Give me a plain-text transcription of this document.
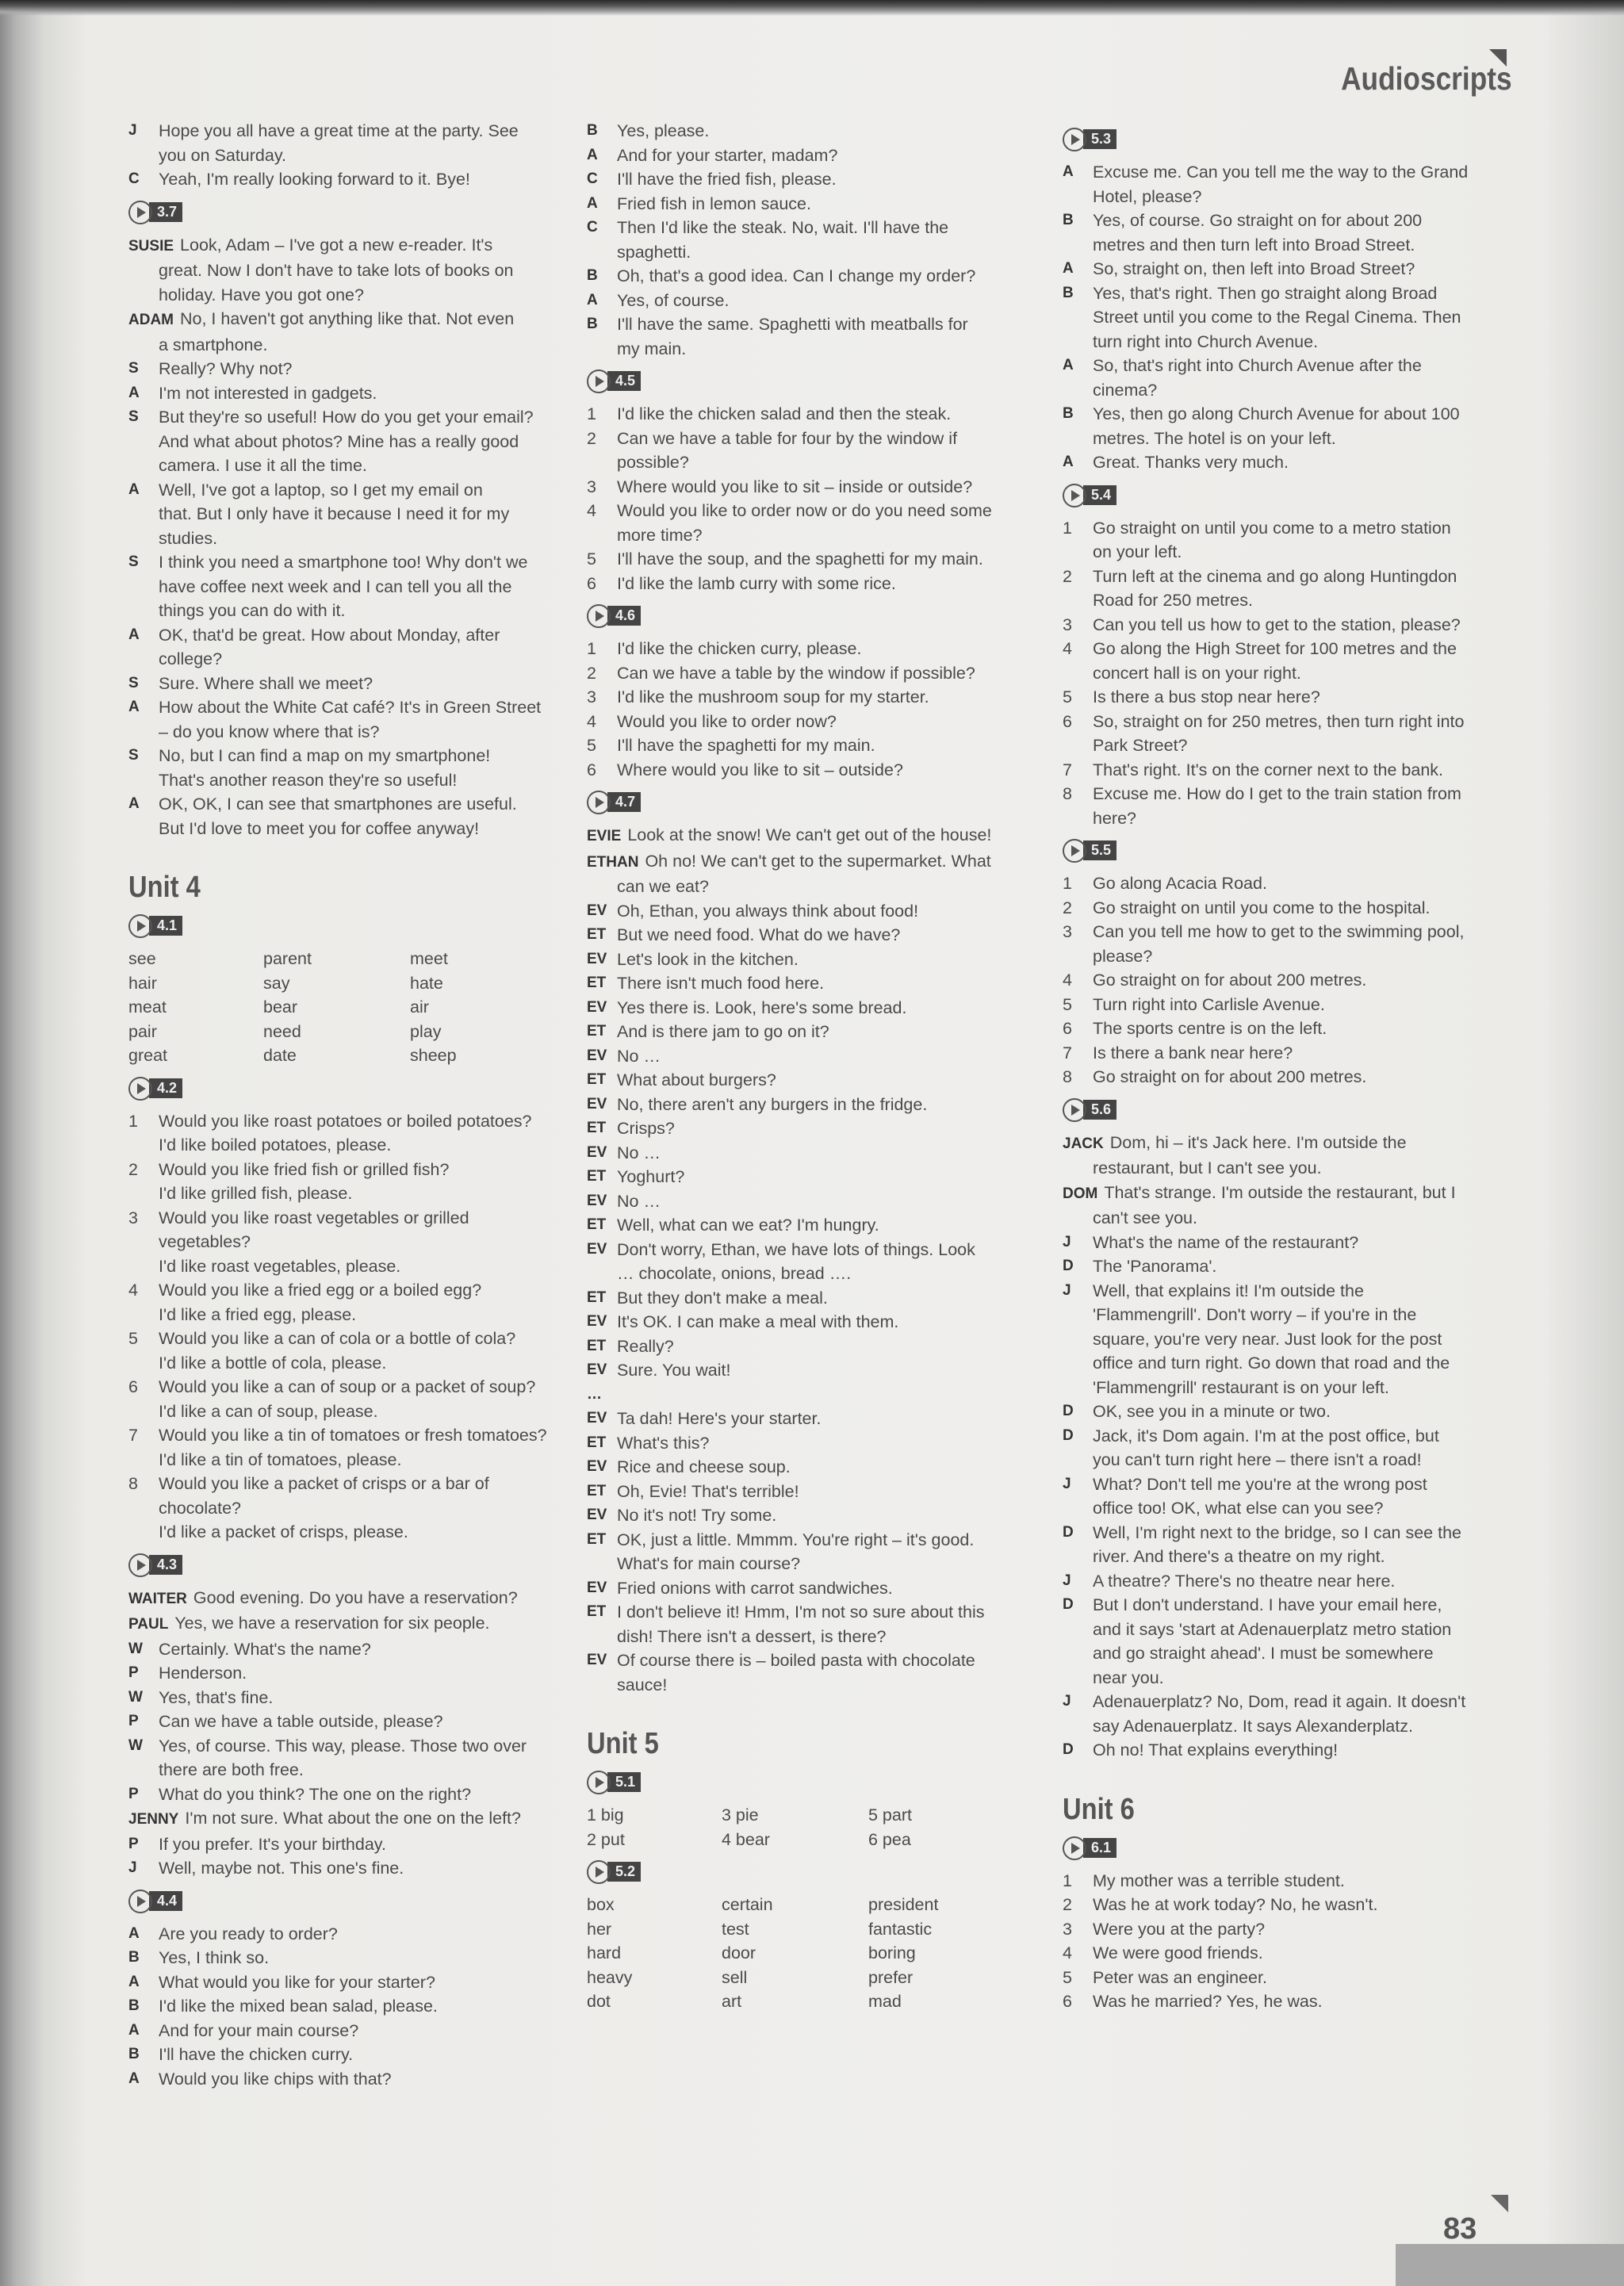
Audioscripts
J Hope you all have a great time at the party. See
you on Saturday.
C Yeah, I'm really looking forward to it. Bye!
3.7
SUSIE Look, Adam – I've got a new e-reader. It's
great. Now I don't have to take lots of books on
holiday. Have you got one?
ADAM No, I haven't got anything like that. Not even
a smartphone.
S Really? Why not?
A I'm not interested in gadgets.
S But they're so useful! How do you get your email?
And what about photos? Mine has a really good
camera. I use it all the time.
A Well, I've got a laptop, so I get my email on
that. But I only have it because I need it for my
studies.
S I think you need a smartphone too! Why don't we
have coffee next week and I can tell you all the
things you can do with it.
A OK, that'd be great. How about Monday, after
college?
S Sure. Where shall we meet?
A How about the White Cat café? It's in Green Street
– do you know where that is?
S No, but I can find a map on my smartphone!
That's another reason they're so useful!
A OK, OK, I can see that smartphones are useful.
But I'd love to meet you for coffee anyway!
Unit 4
4.1
see	parent	meet
hair	say	hate
meat	bear	air
pair	need	play
great	date	sheep
4.2
1 Would you like roast potatoes or boiled potatoes?
I'd like boiled potatoes, please.
2 Would you like fried fish or grilled fish?
I'd like grilled fish, please.
3 Would you like roast vegetables or grilled
vegetables?
I'd like roast vegetables, please.
4 Would you like a fried egg or a boiled egg?
I'd like a fried egg, please.
5 Would you like a can of cola or a bottle of cola?
I'd like a bottle of cola, please.
6 Would you like a can of soup or a packet of soup?
I'd like a can of soup, please.
7 Would you like a tin of tomatoes or fresh tomatoes?
I'd like a tin of tomatoes, please.
8 Would you like a packet of crisps or a bar of
chocolate?
I'd like a packet of crisps, please.
4.3
WAITER Good evening. Do you have a reservation?
PAUL Yes, we have a reservation for six people.
W Certainly. What's the name?
P Henderson.
W Yes, that's fine.
P Can we have a table outside, please?
W Yes, of course. This way, please. Those two over
there are both free.
P What do you think? The one on the right?
JENNY I'm not sure. What about the one on the left?
P If you prefer. It's your birthday.
J Well, maybe not. This one's fine.
4.4
A Are you ready to order?
B Yes, I think so.
A What would you like for your starter?
B I'd like the mixed bean salad, please.
A And for your main course?
B I'll have the chicken curry.
A Would you like chips with that?
B Yes, please.
A And for your starter, madam?
C I'll have the fried fish, please.
A Fried fish in lemon sauce.
C Then I'd like the steak. No, wait. I'll have the
spaghetti.
B Oh, that's a good idea. Can I change my order?
A Yes, of course.
B I'll have the same. Spaghetti with meatballs for
my main.
4.5
1 I'd like the chicken salad and then the steak.
2 Can we have a table for four by the window if
possible?
3 Where would you like to sit – inside or outside?
4 Would you like to order now or do you need some
more time?
5 I'll have the soup, and the spaghetti for my main.
6 I'd like the lamb curry with some rice.
4.6
1 I'd like the chicken curry, please.
2 Can we have a table by the window if possible?
3 I'd like the mushroom soup for my starter.
4 Would you like to order now?
5 I'll have the spaghetti for my main.
6 Where would you like to sit – outside?
4.7
EVIE Look at the snow! We can't get out of the house!
ETHAN Oh no! We can't get to the supermarket. What
can we eat?
EV Oh, Ethan, you always think about food!
ET But we need food. What do we have?
EV Let's look in the kitchen.
ET There isn't much food here.
EV Yes there is. Look, here's some bread.
ET And is there jam to go on it?
EV No …
ET What about burgers?
EV No, there aren't any burgers in the fridge.
ET Crisps?
EV No …
ET Yoghurt?
EV No …
ET Well, what can we eat? I'm hungry.
EV Don't worry, Ethan, we have lots of things. Look
… chocolate, onions, bread ….
ET But they don't make a meal.
EV It's OK. I can make a meal with them.
ET Really?
EV Sure. You wait!
…
EV Ta dah! Here's your starter.
ET What's this?
EV Rice and cheese soup.
ET Oh, Evie! That's terrible!
EV No it's not! Try some.
ET OK, just a little. Mmmm. You're right – it's good.
What's for main course?
EV Fried onions with carrot sandwiches.
ET I don't believe it! Hmm, I'm not so sure about this
dish! There isn't a dessert, is there?
EV Of course there is – boiled pasta with chocolate
sauce!
Unit 5
5.1
1 big	3 pie	5 part
2 put	4 bear	6 pea
5.2
box	certain	president
her	test	fantastic
hard	door	boring
heavy	sell	prefer
dot	art	mad
5.3
A Excuse me. Can you tell me the way to the Grand
Hotel, please?
B Yes, of course. Go straight on for about 200
metres and then turn left into Broad Street.
A So, straight on, then left into Broad Street?
B Yes, that's right. Then go straight along Broad
Street until you come to the Regal Cinema. Then
turn right into Church Avenue.
A So, that's right into Church Avenue after the
cinema?
B Yes, then go along Church Avenue for about 100
metres. The hotel is on your left.
A Great. Thanks very much.
5.4
1 Go straight on until you come to a metro station
on your left.
2 Turn left at the cinema and go along Huntingdon
Road for 250 metres.
3 Can you tell us how to get to the station, please?
4 Go along the High Street for 100 metres and the
concert hall is on your right.
5 Is there a bus stop near here?
6 So, straight on for 250 metres, then turn right into
Park Street?
7 That's right. It's on the corner next to the bank.
8 Excuse me. How do I get to the train station from
here?
5.5
1 Go along Acacia Road.
2 Go straight on until you come to the hospital.
3 Can you tell me how to get to the swimming pool,
please?
4 Go straight on for about 200 metres.
5 Turn right into Carlisle Avenue.
6 The sports centre is on the left.
7 Is there a bank near here?
8 Go straight on for about 200 metres.
5.6
JACK Dom, hi – it's Jack here. I'm outside the
restaurant, but I can't see you.
DOM That's strange. I'm outside the restaurant, but I
can't see you.
J What's the name of the restaurant?
D The 'Panorama'.
J Well, that explains it! I'm outside the
'Flammengrill'. Don't worry – if you're in the
square, you're very near. Just look for the post
office and turn right. Go down that road and the
'Flammengrill' restaurant is on your left.
D OK, see you in a minute or two.
D Jack, it's Dom again. I'm at the post office, but
you can't turn right here – there isn't a road!
J What? Don't tell me you're at the wrong post
office too! OK, what else can you see?
D Well, I'm right next to the bridge, so I can see the
river. And there's a theatre on my right.
J A theatre? There's no theatre near here.
D But I don't understand. I have your email here,
and it says 'start at Adenauerplatz metro station
and go straight ahead'. I must be somewhere
near you.
J Adenauerplatz? No, Dom, read it again. It doesn't
say Adenauerplatz. It says Alexanderplatz.
D Oh no! That explains everything!
Unit 6
6.1
1 My mother was a terrible student.
2 Was he at work today? No, he wasn't.
3 Were you at the party?
4 We were good friends.
5 Peter was an engineer.
6 Was he married? Yes, he was.
83
